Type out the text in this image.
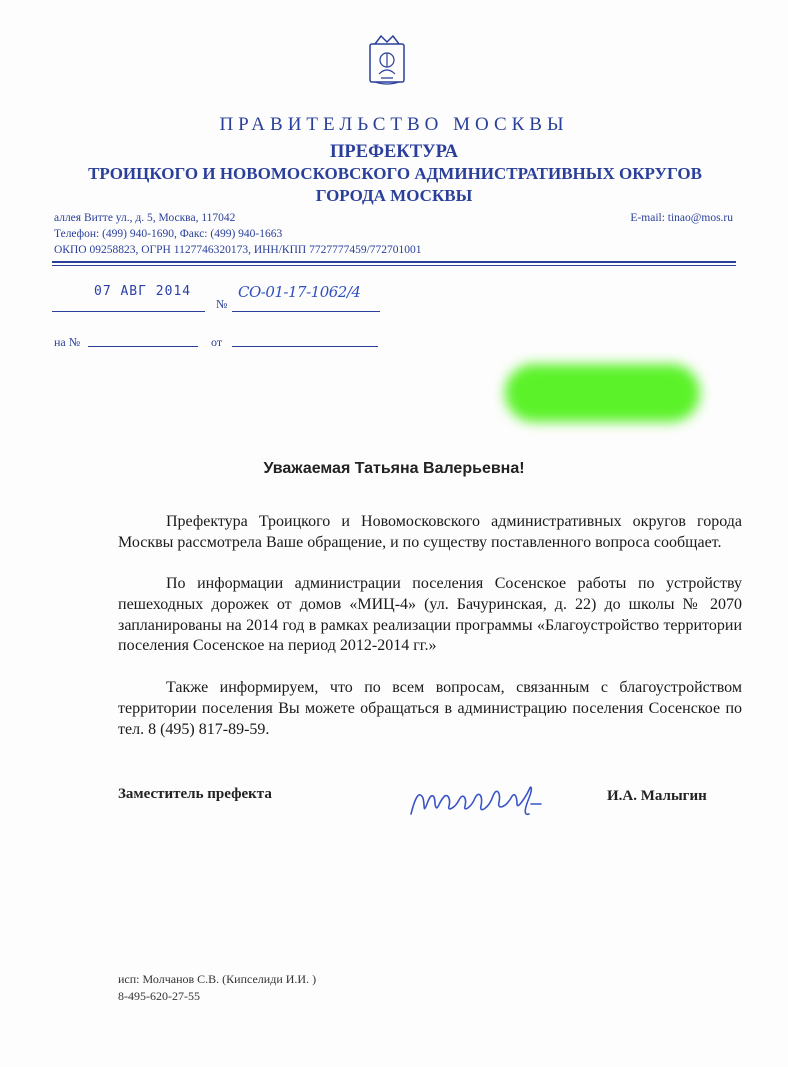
ПРАВИТЕЛЬСТВО МОСКВЫ
ПРЕФЕКТУРА
ТРОИЦКОГО И НОВОМОСКОВСКОГО АДМИНИСТРАТИВНЫХ ОКРУГОВ
ГОРОДА МОСКВЫ
аллея Витте ул., д. 5, Москва, 117042
Телефон: (499) 940-1690, Факс: (499) 940-1663
ОКПО 09258823, ОГРН 1127746320173, ИНН/КПП 7727777459/772701001
E-mail: tinao@mos.ru
07 АВГ 2014
№
СО-01-17-1062/4
на №	от
Уважаемая Татьяна Валерьевна!
Префектура Троицкого и Новомосковского административных округов города Москвы рассмотрела Ваше обращение, и по существу поставленного вопроса сообщает.
По информации администрации поселения Сосенское работы по устройству пешеходных дорожек от домов «МИЦ-4» (ул. Бачуринская, д. 22) до школы № 2070 запланированы на 2014 год в рамках реализации программы «Благоустройство территории поселения Сосенское на период 2012-2014 гг.»
Также информируем, что по всем вопросам, связанным с благоустройством территории поселения Вы можете обращаться в администрацию поселения Сосенское по тел. 8 (495) 817-89-59.
Заместитель префекта	И.А. Малыгин
исп: Молчанов С.В. (Кипселиди И.И. )
8-495-620-27-55
